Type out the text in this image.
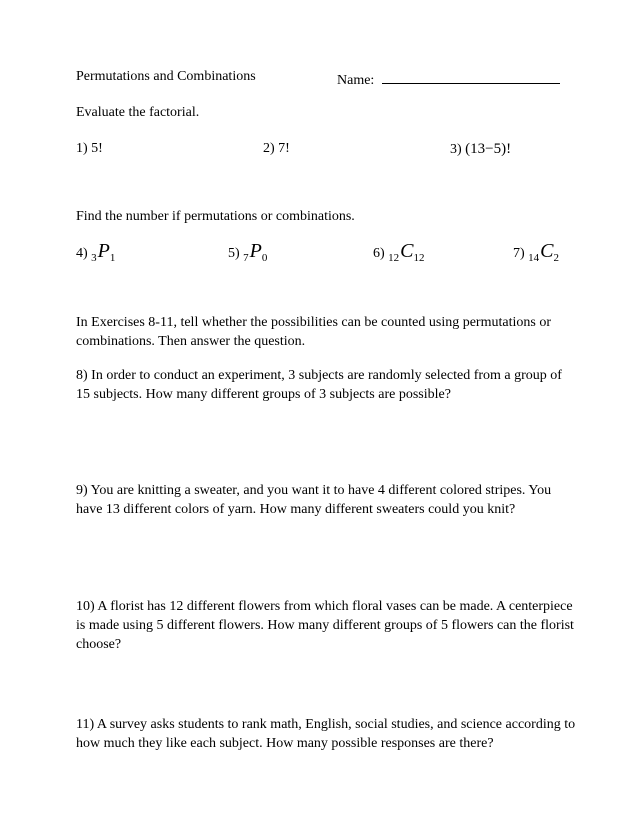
Permutations and Combinations	Name:
Evaluate the factorial.
1) 5!	2) 7!	3) (13−5)!
Find the number if permutations or combinations.
4) $_3P_1$	5) $_7P_0$	6) $_{12}C_{12}$	7) $_{14}C_2$
In Exercises 8-11, tell whether the possibilities can be counted using permutations or combinations. Then answer the question.
8) In order to conduct an experiment, 3 subjects are randomly selected from a group of 15 subjects. How many different groups of 3 subjects are possible?
9) You are knitting a sweater, and you want it to have 4 different colored stripes. You have 13 different colors of yarn. How many different sweaters could you knit?
10) A florist has 12 different flowers from which floral vases can be made. A centerpiece is made using 5 different flowers. How many different groups of 5 flowers can the florist choose?
11) A survey asks students to rank math, English, social studies, and science according to how much they like each subject. How many possible responses are there?
